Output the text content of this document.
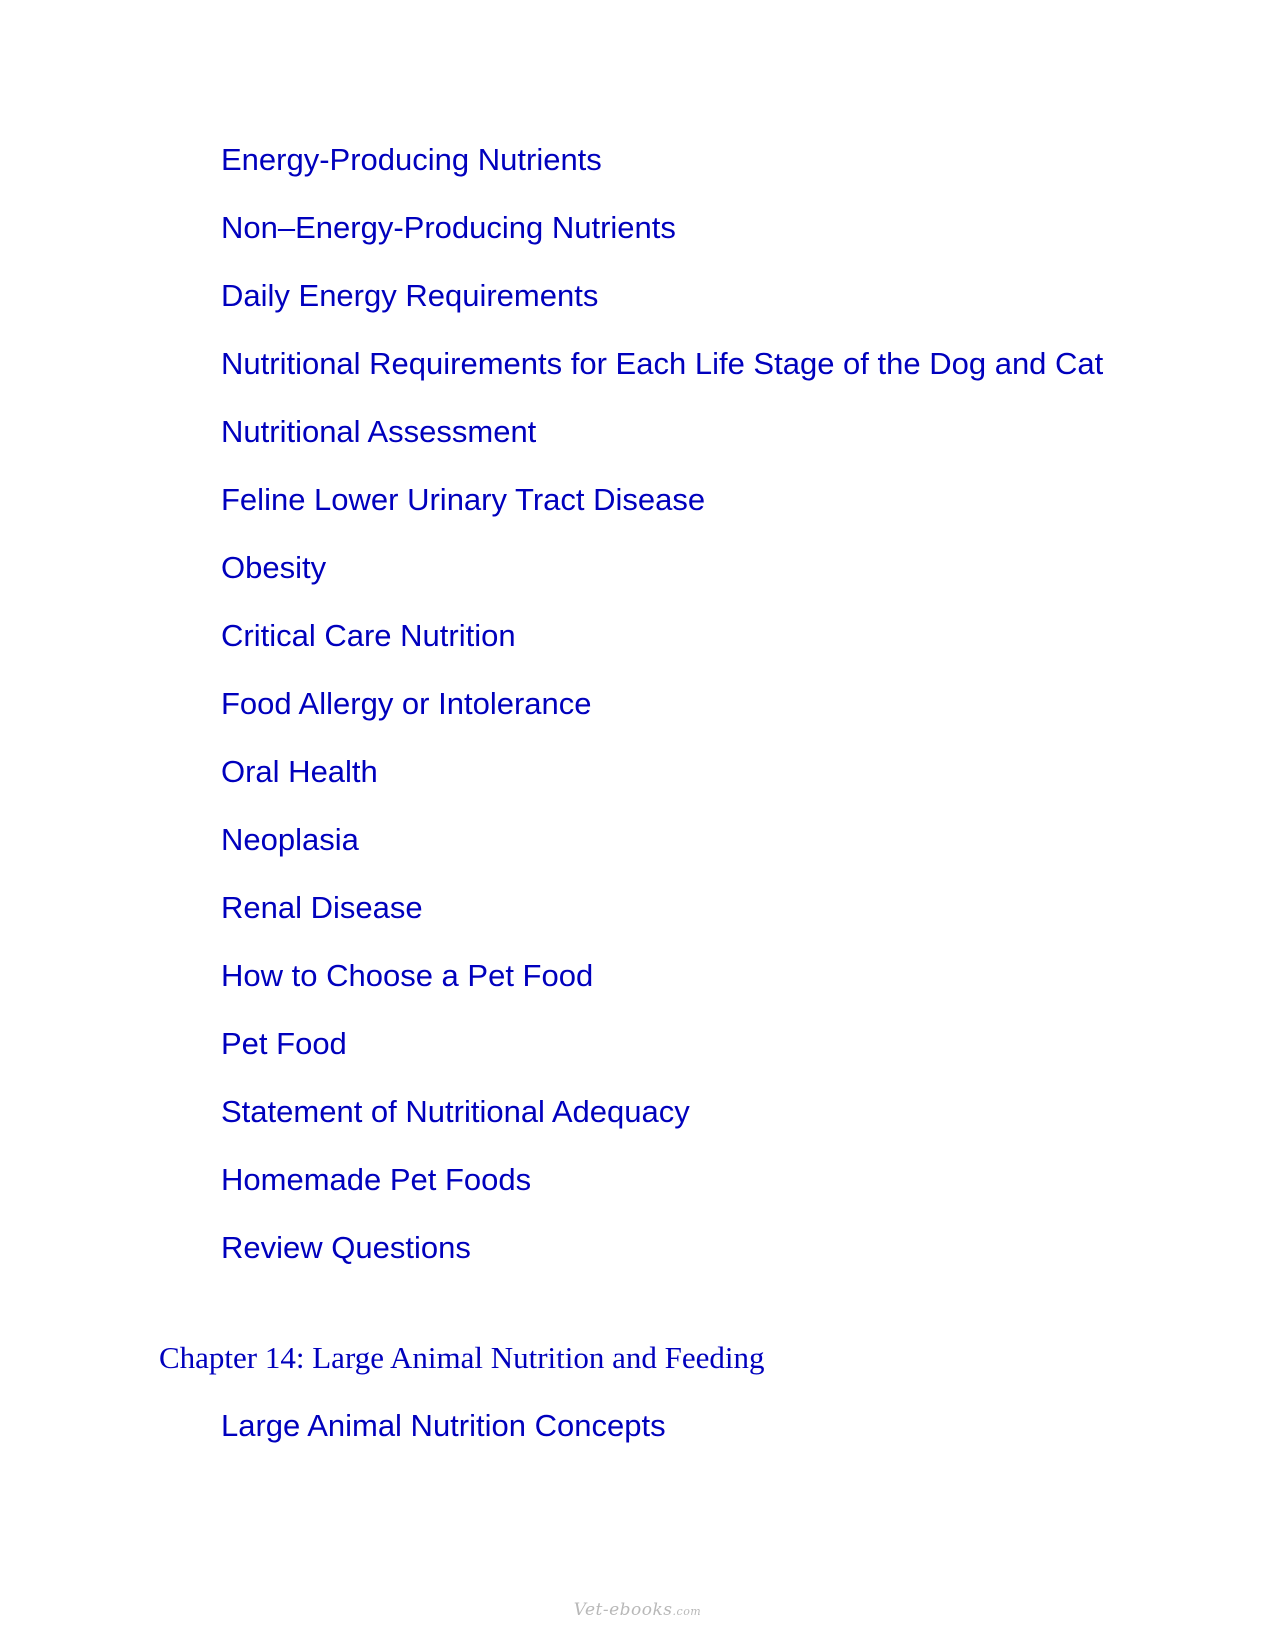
Energy-Producing Nutrients
Non–Energy-Producing Nutrients
Daily Energy Requirements
Nutritional Requirements for Each Life Stage of the Dog and Cat
Nutritional Assessment
Feline Lower Urinary Tract Disease
Obesity
Critical Care Nutrition
Food Allergy or Intolerance
Oral Health
Neoplasia
Renal Disease
How to Choose a Pet Food
Pet Food
Statement of Nutritional Adequacy
Homemade Pet Foods
Review Questions
Chapter 14: Large Animal Nutrition and Feeding
Large Animal Nutrition Concepts
Vet-ebooks.com
